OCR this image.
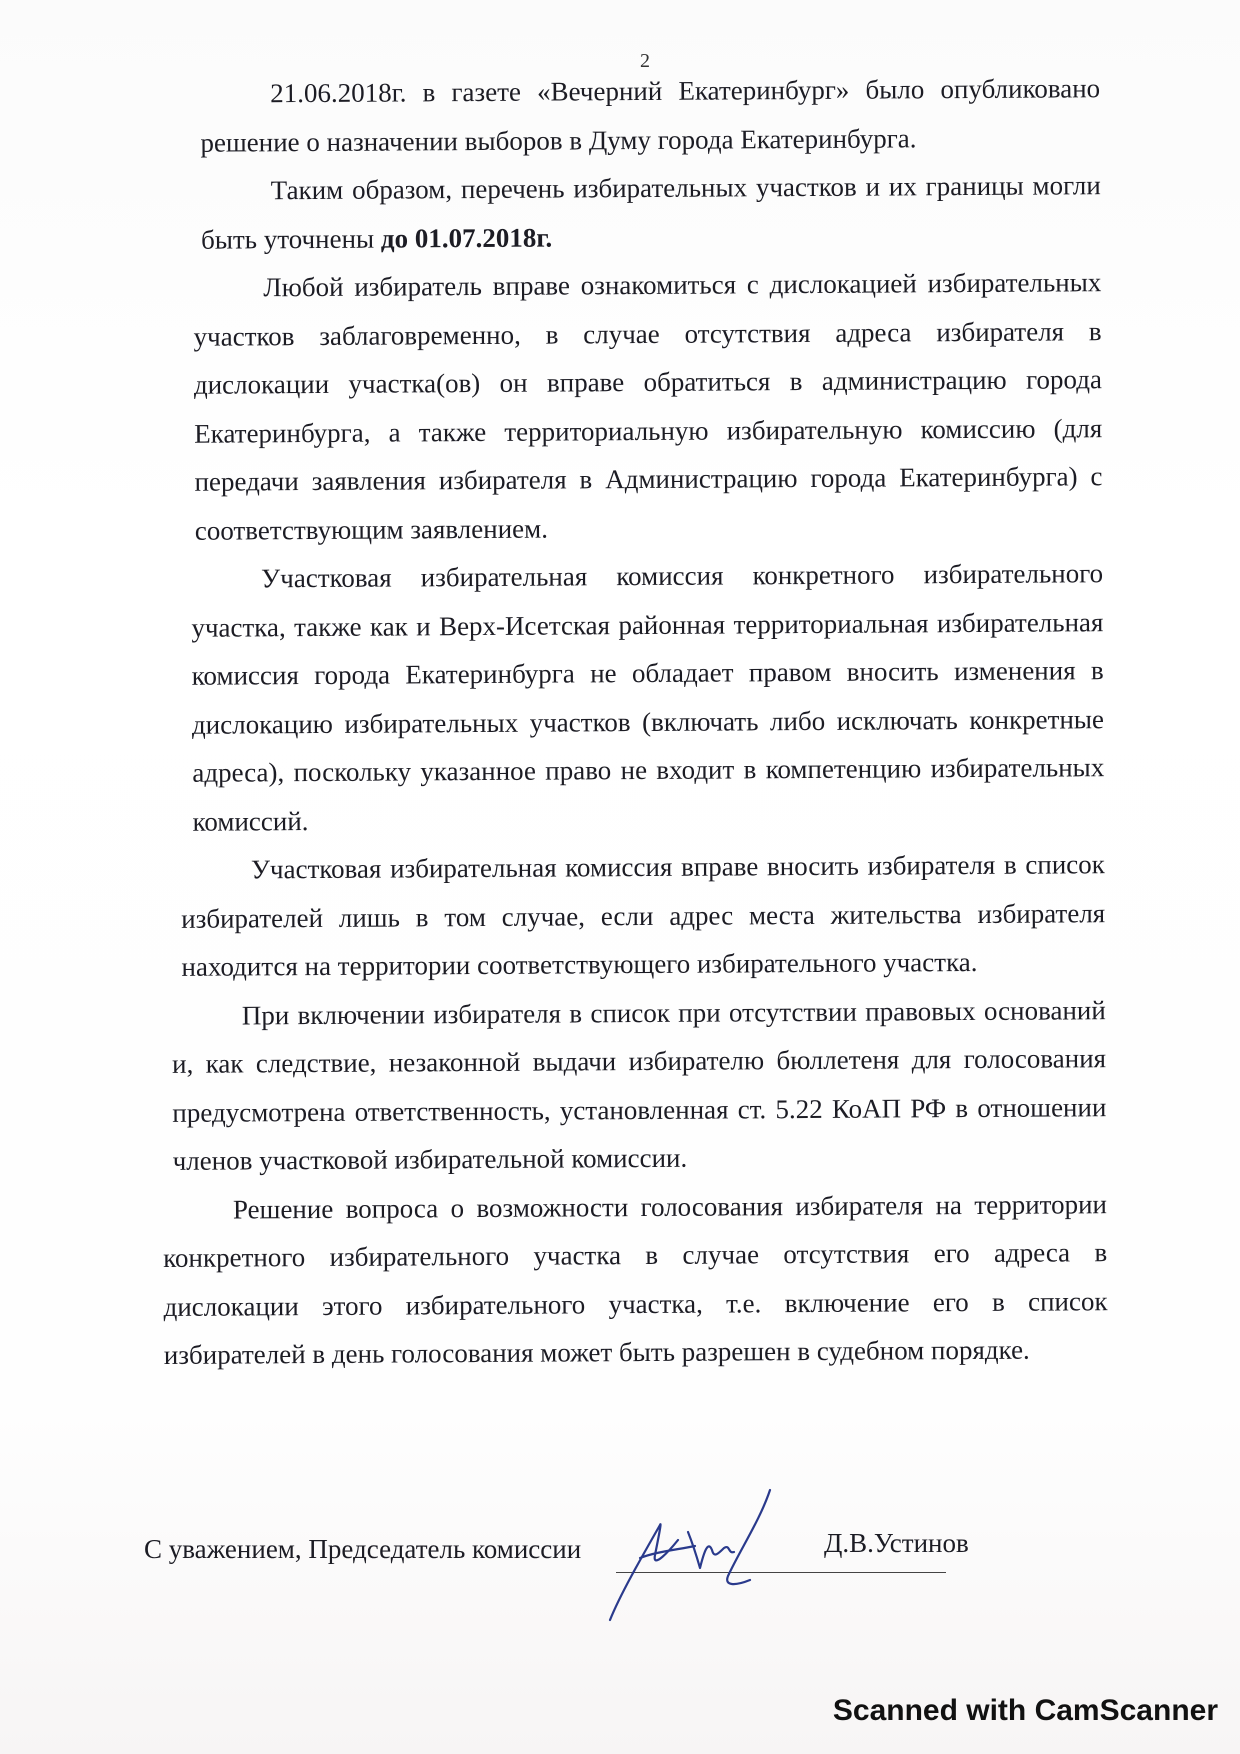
2

21.06.2018г. в газете «Вечерний Екатеринбург» было опубликовано решение о назначении выборов в Думу города Екатеринбурга.

Таким образом, перечень избирательных участков и их границы могли быть уточнены до 01.07.2018г.

Любой избиратель вправе ознакомиться с дислокацией избирательных участков заблаговременно, в случае отсутствия адреса избирателя в дислокации участка(ов) он вправе обратиться в администрацию города Екатеринбурга, а также территориальную избирательную комиссию (для передачи заявления избирателя в Администрацию города Екатеринбурга) с соответствующим заявлением.

Участковая избирательная комиссия конкретного избирательного участка, также как и Верх-Исетская районная территориальная избирательная комиссия города Екатеринбурга не обладает правом вносить изменения в дислокацию избирательных участков (включать либо исключать конкретные адреса), поскольку указанное право не входит в компетенцию избирательных комиссий.

Участковая избирательная комиссия вправе вносить избирателя в список избирателей лишь в том случае, если адрес места жительства избирателя находится на территории соответствующего избирательного участка.

При включении избирателя в список при отсутствии правовых оснований и, как следствие, незаконной выдачи избирателю бюллетеня для голосования предусмотрена ответственность, установленная ст. 5.22 КоАП РФ в отношении членов участковой избирательной комиссии.

Решение вопроса о возможности голосования избирателя на территории конкретного избирательного участка в случае отсутствия его адреса в дислокации этого избирательного участка, т.е. включение его в список избирателей в день голосования может быть разрешен в судебном порядке.

С уважением, Председатель комиссии	Д.В.Устинов
Scanned with CamScanner
